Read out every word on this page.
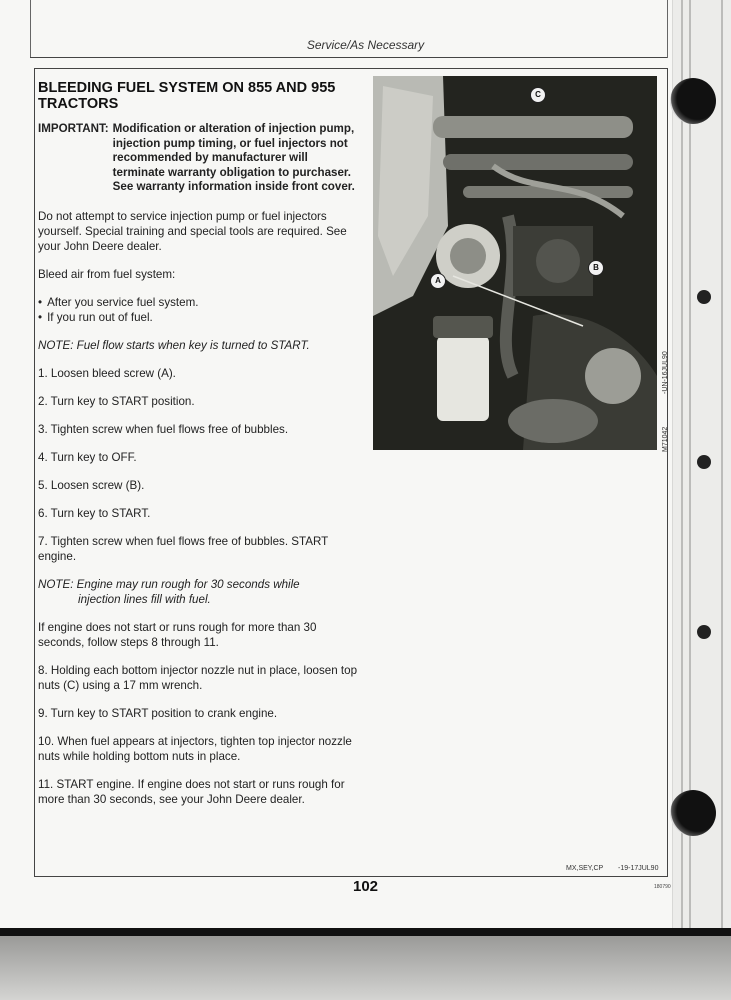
Service/As Necessary
BLEEDING FUEL SYSTEM ON 855 AND 955 TRACTORS
IMPORTANT: Modification or alteration of injection pump, injection pump timing, or fuel injectors not recommended by manufacturer will terminate warranty obligation to purchaser. See warranty information inside front cover.

Do not attempt to service injection pump or fuel injectors yourself. Special training and special tools are required. See your John Deere dealer.

Bleed air from fuel system:

• After you service fuel system.
• If you run out of fuel.

NOTE: Fuel flow starts when key is turned to START.

1. Loosen bleed screw (A).

2. Turn key to START position.

3. Tighten screw when fuel flows free of bubbles.

4. Turn key to OFF.

5. Loosen screw (B).

6. Turn key to START.

7. Tighten screw when fuel flows free of bubbles. START engine.

NOTE: Engine may run rough for 30 seconds while
injection lines fill with fuel.

If engine does not start or runs rough for more than 30 seconds, follow steps 8 through 11.

8. Holding each bottom injector nozzle nut in place, loosen top nuts (C) using a 17 mm wrench.

9. Turn key to START position to crank engine.

10. When fuel appears at injectors, tighten top injector nozzle nuts while holding bottom nuts in place.

11. START engine. If engine does not start or runs rough for more than 30 seconds, see your John Deere dealer.

C
A
B
-UN-16JUL90
M71042
MX,SEY,CP -19-17JUL90
102	180790
